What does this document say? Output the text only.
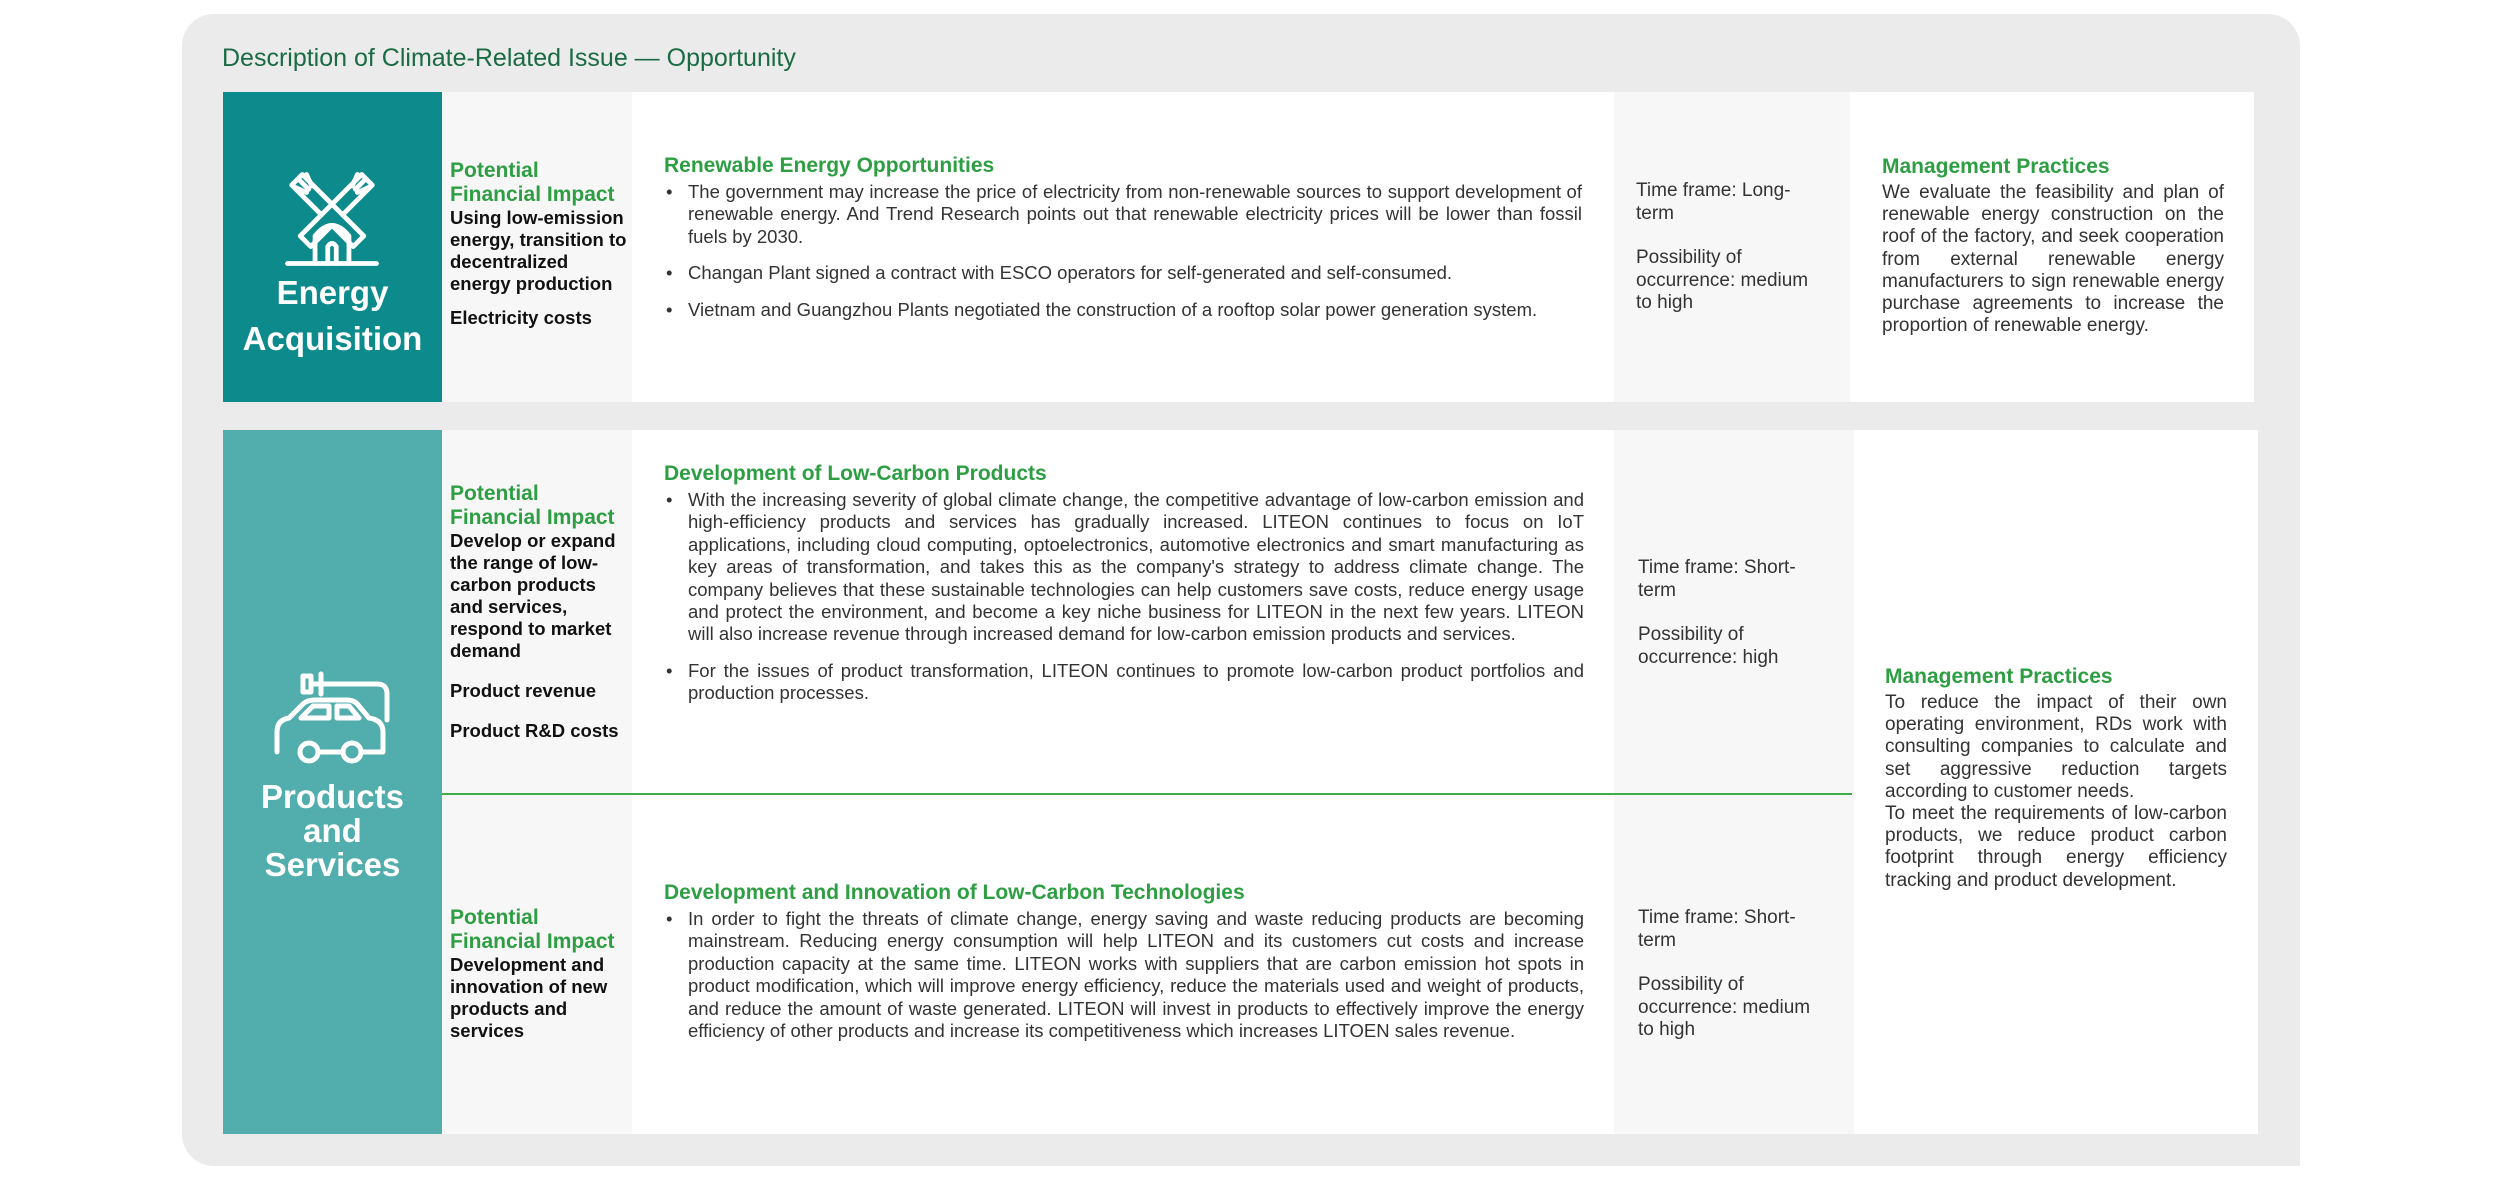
Description of Climate-Related Issue — Opportunity
Energy
Acquisition
Potential Financial Impact
Using low-emission energy, transition to decentralized energy production
Electricity costs
Renewable Energy Opportunities
• The government may increase the price of electricity from non-renewable sources to support development of renewable energy. And Trend Research points out that renewable electricity prices will be lower than fossil fuels by 2030.
• Changan Plant signed a contract with ESCO operators for self-generated and self-consumed.
• Vietnam and Guangzhou Plants negotiated the construction of a rooftop solar power generation system.

Time frame: Long-term

Possibility of occurrence: medium to high

Management Practices

We evaluate the feasibility and plan of renewable energy construction on the roof of the factory, and seek cooperation from external renewable energy manufacturers to sign renewable energy purchase agreements to increase the proportion of renewable energy.

Products
and
Services
Potential Financial Impact
Develop or expand the range of low-carbon products and services, respond to market demand
Product revenue
Product R&D costs
Development of Low-Carbon Products
• With the increasing severity of global climate change, the competitive advantage of low-carbon emission and high-efficiency products and services has gradually increased. LITEON continues to focus on IoT applications, including cloud computing, optoelectronics, automotive electronics and smart manufacturing as key areas of transformation, and takes this as the company's strategy to address climate change. The company believes that these sustainable technologies can help customers save costs, reduce energy usage and protect the environment, and become a key niche business for LITEON in the next few years. LITEON will also increase revenue through increased demand for low-carbon emission products and services.
• For the issues of product transformation, LITEON continues to promote low-carbon product portfolios and production processes.

Time frame: Short-term

Possibility of occurrence: high

Potential Financial Impact
Development and innovation of new products and services
Development and Innovation of Low-Carbon Technologies
• In order to fight the threats of climate change, energy saving and waste reducing products are becoming mainstream. Reducing energy consumption will help LITEON and its customers cut costs and increase production capacity at the same time. LITEON works with suppliers that are carbon emission hot spots in product modification, which will improve energy efficiency, reduce the materials used and weight of products, and reduce the amount of waste generated. LITEON will invest in products to effectively improve the energy efficiency of other products and increase its competitiveness which increases LITOEN sales revenue.

Time frame: Short-term

Possibility of occurrence: medium to high

Management Practices

To reduce the impact of their own operating environment, RDs work with consulting companies to calculate and set aggressive reduction targets according to customer needs.

To meet the requirements of low-carbon products, we reduce product carbon footprint through energy efficiency tracking and product development.
